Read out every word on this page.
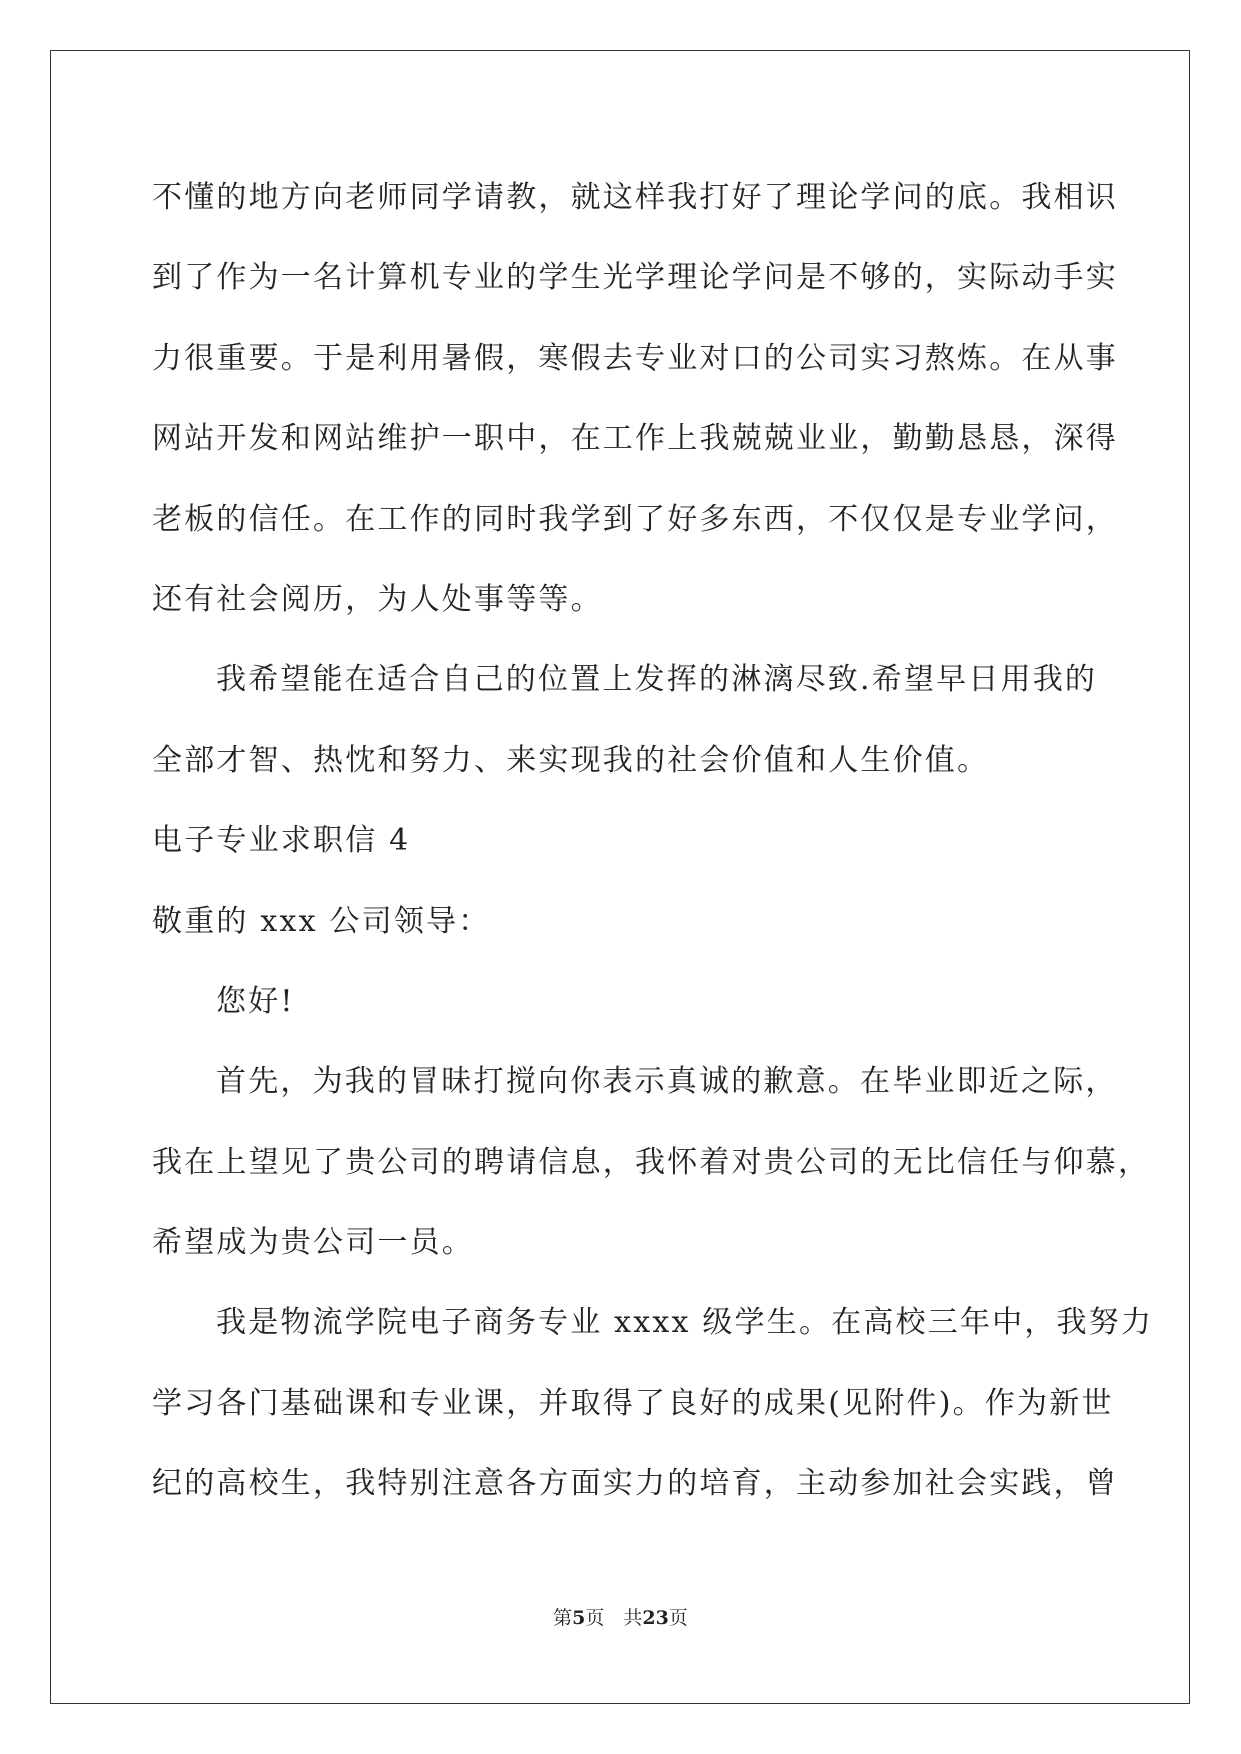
不懂的地方向老师同学请教，就这样我打好了理论学问的底。我相识
到了作为一名计算机专业的学生光学理论学问是不够的，实际动手实
力很重要。于是利用暑假，寒假去专业对口的公司实习熬炼。在从事
网站开发和网站维护一职中，在工作上我兢兢业业，勤勤恳恳，深得
老板的信任。在工作的同时我学到了好多东西，不仅仅是专业学问，
还有社会阅历，为人处事等等。
我希望能在适合自己的位置上发挥的淋漓尽致.希望早日用我的
全部才智、热忱和努力、来实现我的社会价值和人生价值。
电子专业求职信 4
敬重的 xxx 公司领导：
您好!
首先，为我的冒昧打搅向你表示真诚的歉意。在毕业即近之际，
我在上望见了贵公司的聘请信息，我怀着对贵公司的无比信任与仰慕，
希望成为贵公司一员。
我是物流学院电子商务专业 xxxx 级学生。在高校三年中，我努力
学习各门基础课和专业课，并取得了良好的成果(见附件)。作为新世
纪的高校生，我特别注意各方面实力的培育，主动参加社会实践，曾
第5页　共23页
